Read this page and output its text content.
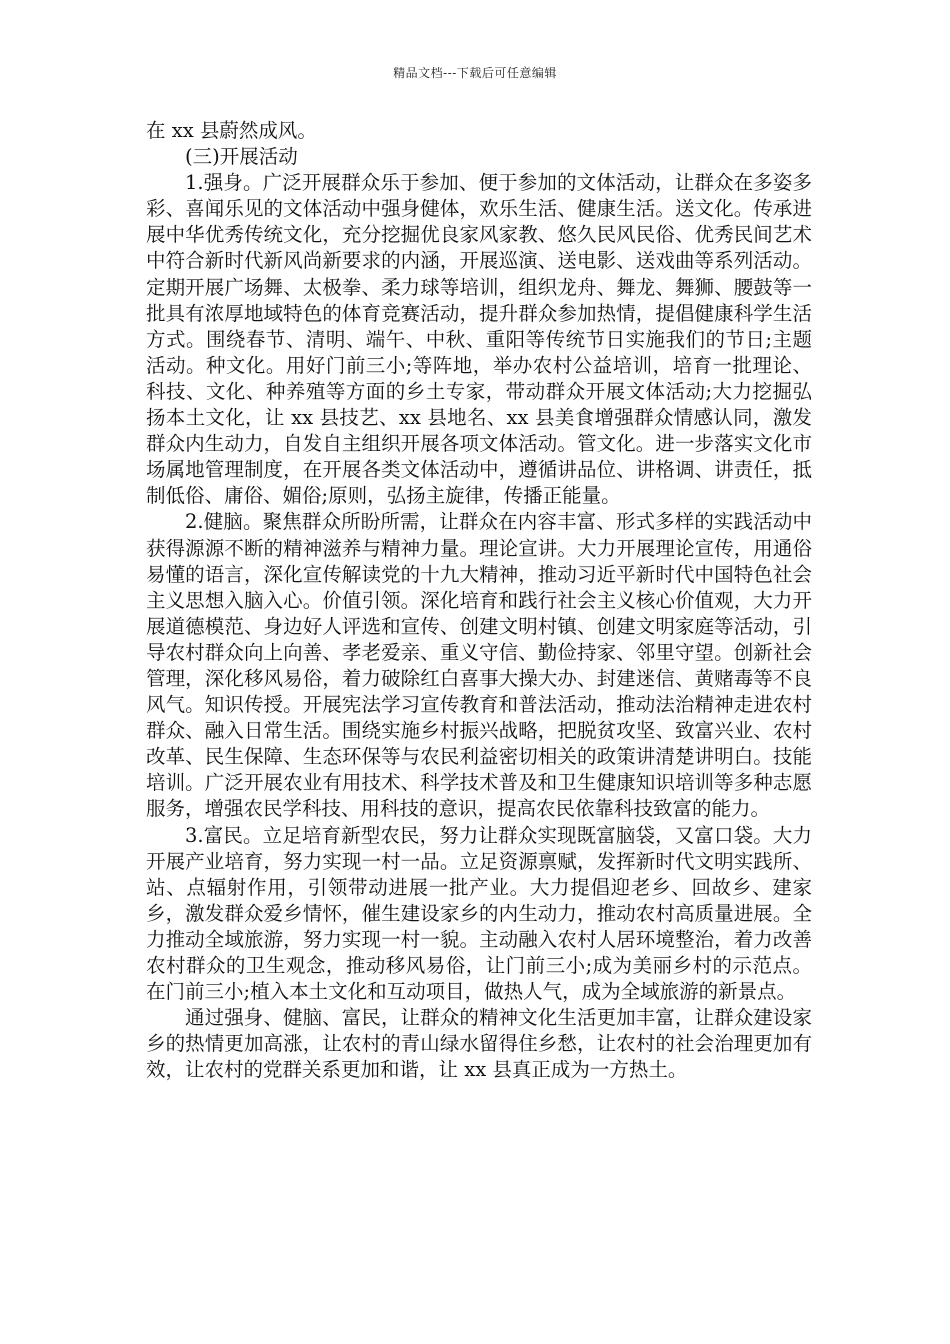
精品文档---下载后可任意编辑

在 xx 县蔚然成风。

(三)开展活动

1.强身。广泛开展群众乐于参加、便于参加的文体活动，让群众在多姿多彩、喜闻乐见的文体活动中强身健体，欢乐生活、健康生活。送文化。传承进展中华优秀传统文化，充分挖掘优良家风家教、悠久民风民俗、优秀民间艺术中符合新时代新风尚新要求的内涵，开展巡演、送电影、送戏曲等系列活动。定期开展广场舞、太极拳、柔力球等培训，组织龙舟、舞龙、舞狮、腰鼓等一批具有浓厚地域特色的体育竞赛活动，提升群众参加热情，提倡健康科学生活方式。围绕春节、清明、端午、中秋、重阳等传统节日实施我们的节日;主题活动。种文化。用好门前三小;等阵地，举办农村公益培训，培育一批理论、科技、文化、种养殖等方面的乡土专家，带动群众开展文体活动;大力挖掘弘扬本土文化，让 xx 县技艺、xx 县地名、xx 县美食增强群众情感认同，激发群众内生动力，自发自主组织开展各项文体活动。管文化。进一步落实文化市场属地管理制度，在开展各类文体活动中，遵循讲品位、讲格调、讲责任，抵制低俗、庸俗、媚俗;原则，弘扬主旋律，传播正能量。

2.健脑。聚焦群众所盼所需，让群众在内容丰富、形式多样的实践活动中获得源源不断的精神滋养与精神力量。理论宣讲。大力开展理论宣传，用通俗易懂的语言，深化宣传解读党的十九大精神，推动习近平新时代中国特色社会主义思想入脑入心。价值引领。深化培育和践行社会主义核心价值观，大力开展道德模范、身边好人评选和宣传、创建文明村镇、创建文明家庭等活动，引导农村群众向上向善、孝老爱亲、重义守信、勤俭持家、邻里守望。创新社会管理，深化移风易俗，着力破除红白喜事大操大办、封建迷信、黄赌毒等不良风气。知识传授。开展宪法学习宣传教育和普法活动，推动法治精神走进农村群众、融入日常生活。围绕实施乡村振兴战略，把脱贫攻坚、致富兴业、农村改革、民生保障、生态环保等与农民利益密切相关的政策讲清楚讲明白。技能培训。广泛开展农业有用技术、科学技术普及和卫生健康知识培训等多种志愿服务，增强农民学科技、用科技的意识，提高农民依靠科技致富的能力。

3.富民。立足培育新型农民，努力让群众实现既富脑袋，又富口袋。大力开展产业培育，努力实现一村一品。立足资源禀赋，发挥新时代文明实践所、站、点辐射作用，引领带动进展一批产业。大力提倡迎老乡、回故乡、建家乡，激发群众爱乡情怀，催生建设家乡的内生动力，推动农村高质量进展。全力推动全域旅游，努力实现一村一貌。主动融入农村人居环境整治，着力改善农村群众的卫生观念，推动移风易俗，让门前三小;成为美丽乡村的示范点。在门前三小;植入本土文化和互动项目，做热人气，成为全域旅游的新景点。

通过强身、健脑、富民，让群众的精神文化生活更加丰富，让群众建设家乡的热情更加高涨，让农村的青山绿水留得住乡愁，让农村的社会治理更加有效，让农村的党群关系更加和谐，让 xx 县真正成为一方热土。
